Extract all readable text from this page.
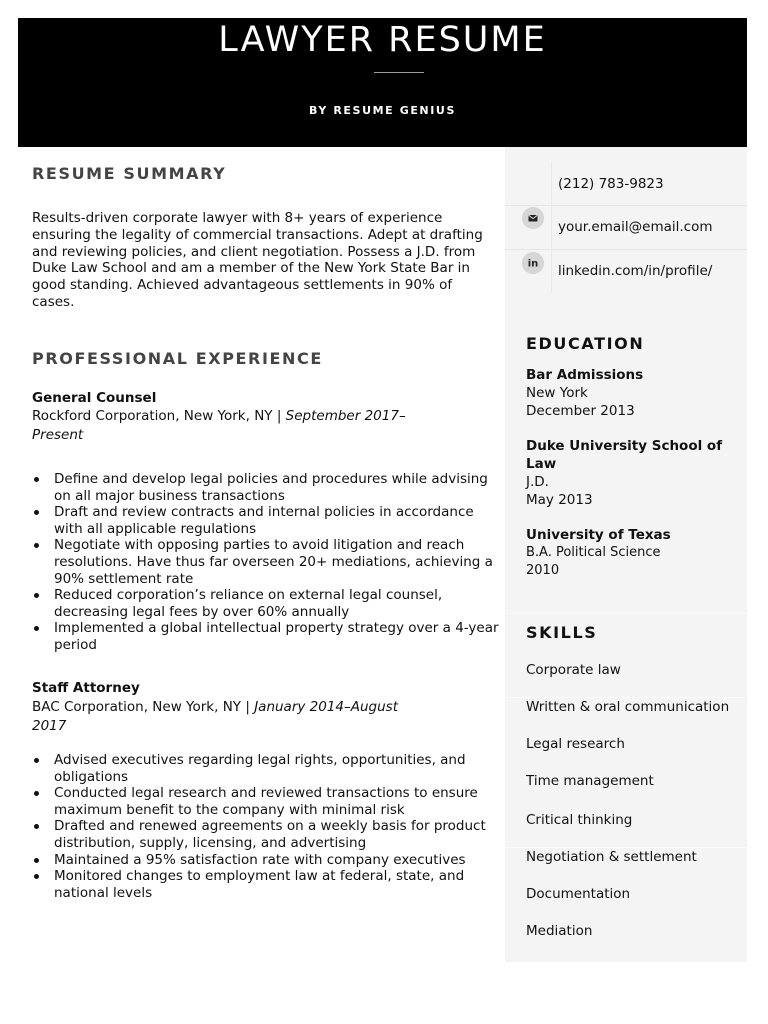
LAWYER RESUME
BY RESUME GENIUS
RESUME SUMMARY
Results-driven corporate lawyer with 8+ years of experience ensuring the legality of commercial transactions. Adept at drafting and reviewing policies, and client negotiation. Possess a J.D. from Duke Law School and am a member of the New York State Bar in good standing. Achieved advantageous settlements in 90% of cases.
PROFESSIONAL EXPERIENCE
General Counsel
Rockford Corporation, New York, NY | September 2017–Present
Define and develop legal policies and procedures while advising on all major business transactions
Draft and review contracts and internal policies in accordance with all applicable regulations
Negotiate with opposing parties to avoid litigation and reach resolutions. Have thus far overseen 20+ mediations, achieving a 90% settlement rate
Reduced corporation’s reliance on external legal counsel, decreasing legal fees by over 60% annually
Implemented a global intellectual property strategy over a 4-year period
Staff Attorney
BAC Corporation, New York, NY | January 2014–August 2017
Advised executives regarding legal rights, opportunities, and obligations
Conducted legal research and reviewed transactions to ensure maximum benefit to the company with minimal risk
Drafted and renewed agreements on a weekly basis for product distribution, supply, licensing, and advertising
Maintained a 95% satisfaction rate with company executives
Monitored changes to employment law at federal, state, and national levels
(212) 783-9823
your.email@email.com
in linkedin.com/in/profile/
EDUCATION
Bar Admissions
New York
December 2013
Duke University School of Law
J.D.
May 2013
University of Texas
B.A. Political Science
2010
SKILLS
Corporate law
Written & oral communication
Legal research
Time management
Critical thinking
Negotiation & settlement
Documentation
Mediation
